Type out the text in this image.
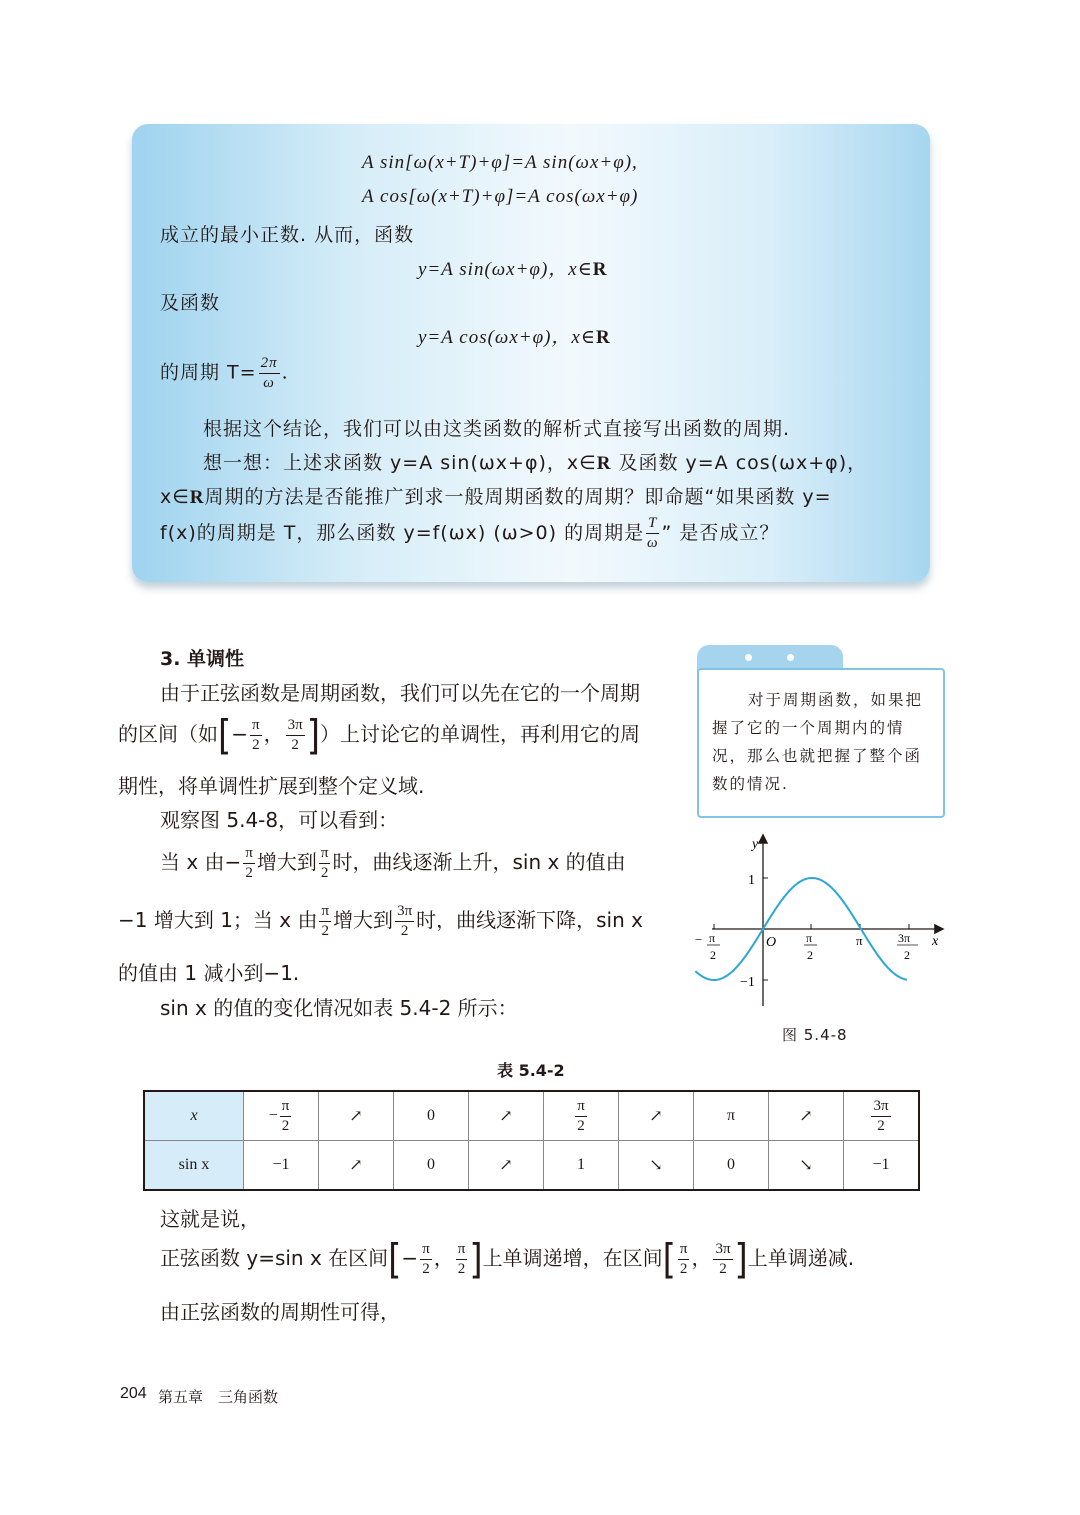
A sin[ω(x+T)+φ]=A sin(ωx+φ),
A cos[ω(x+T)+φ]=A cos(ωx+φ)
成立的最小正数. 从而，函数
y=A sin(ωx+φ)，x∈R
及函数
y=A cos(ωx+φ)，x∈R
的周期 $T= \frac{2\pi}{\omega}$ .
根据这个结论，我们可以由这类函数的解析式直接写出函数的周期.
想一想：上述求函数 y=A sin(ωx+φ)，x∈R 及函数 y=A cos(ωx+φ)，
x∈R周期的方法是否能推广到求一般周期函数的周期？即命题“如果函数 y=
f(x)的周期是 T，那么函数 y=f(ωx) (ω>0) 的周期是 $\frac{T}{\omega}$ ” 是否成立？
3. 单调性
由于正弦函数是周期函数，我们可以先在它的一个周期
的区间（如[− $\frac{\pi}{2}$ ， $\frac{3\pi}{2}$ ]）上讨论它的单调性，再利用它的周
期性，将单调性扩展到整个定义域.
观察图 5.4-8，可以看到：
当 x 由− $\frac{\pi}{2}$ 增大到 $\frac{\pi}{2}$ 时，曲线逐渐上升，sin x 的值由
−1 增大到 1；当 x 由 $\frac{\pi}{2}$ 增大到 $\frac{3\pi}{2}$ 时，曲线逐渐下降，sin x
的值由 1 减小到−1.
sin x 的值的变化情况如表 5.4-2 所示：
对于周期函数，如果把握了它的一个周期内的情况，那么也就把握了整个函数的情况.
y
x
O
1
−1
π
− π
2
π
2
3π
2
图 5.4-8
表 5.4-2
x	− $\frac{\pi}{2}$	↗	0	↗	$\frac{\pi}{2}$	↗	π	↗	$\frac{3\pi}{2}$

sin x	−1	↗	0	↗	1	↘	0	↘	−1
这就是说，
正弦函数 y=sin x 在区间[− $\frac{\pi}{2}$ ， $\frac{\pi}{2}$ ]上单调递增，在区间[ $\frac{\pi}{2}$ ， $\frac{3\pi}{2}$ ]上单调递减.
由正弦函数的周期性可得，
204 第五章　三角函数
